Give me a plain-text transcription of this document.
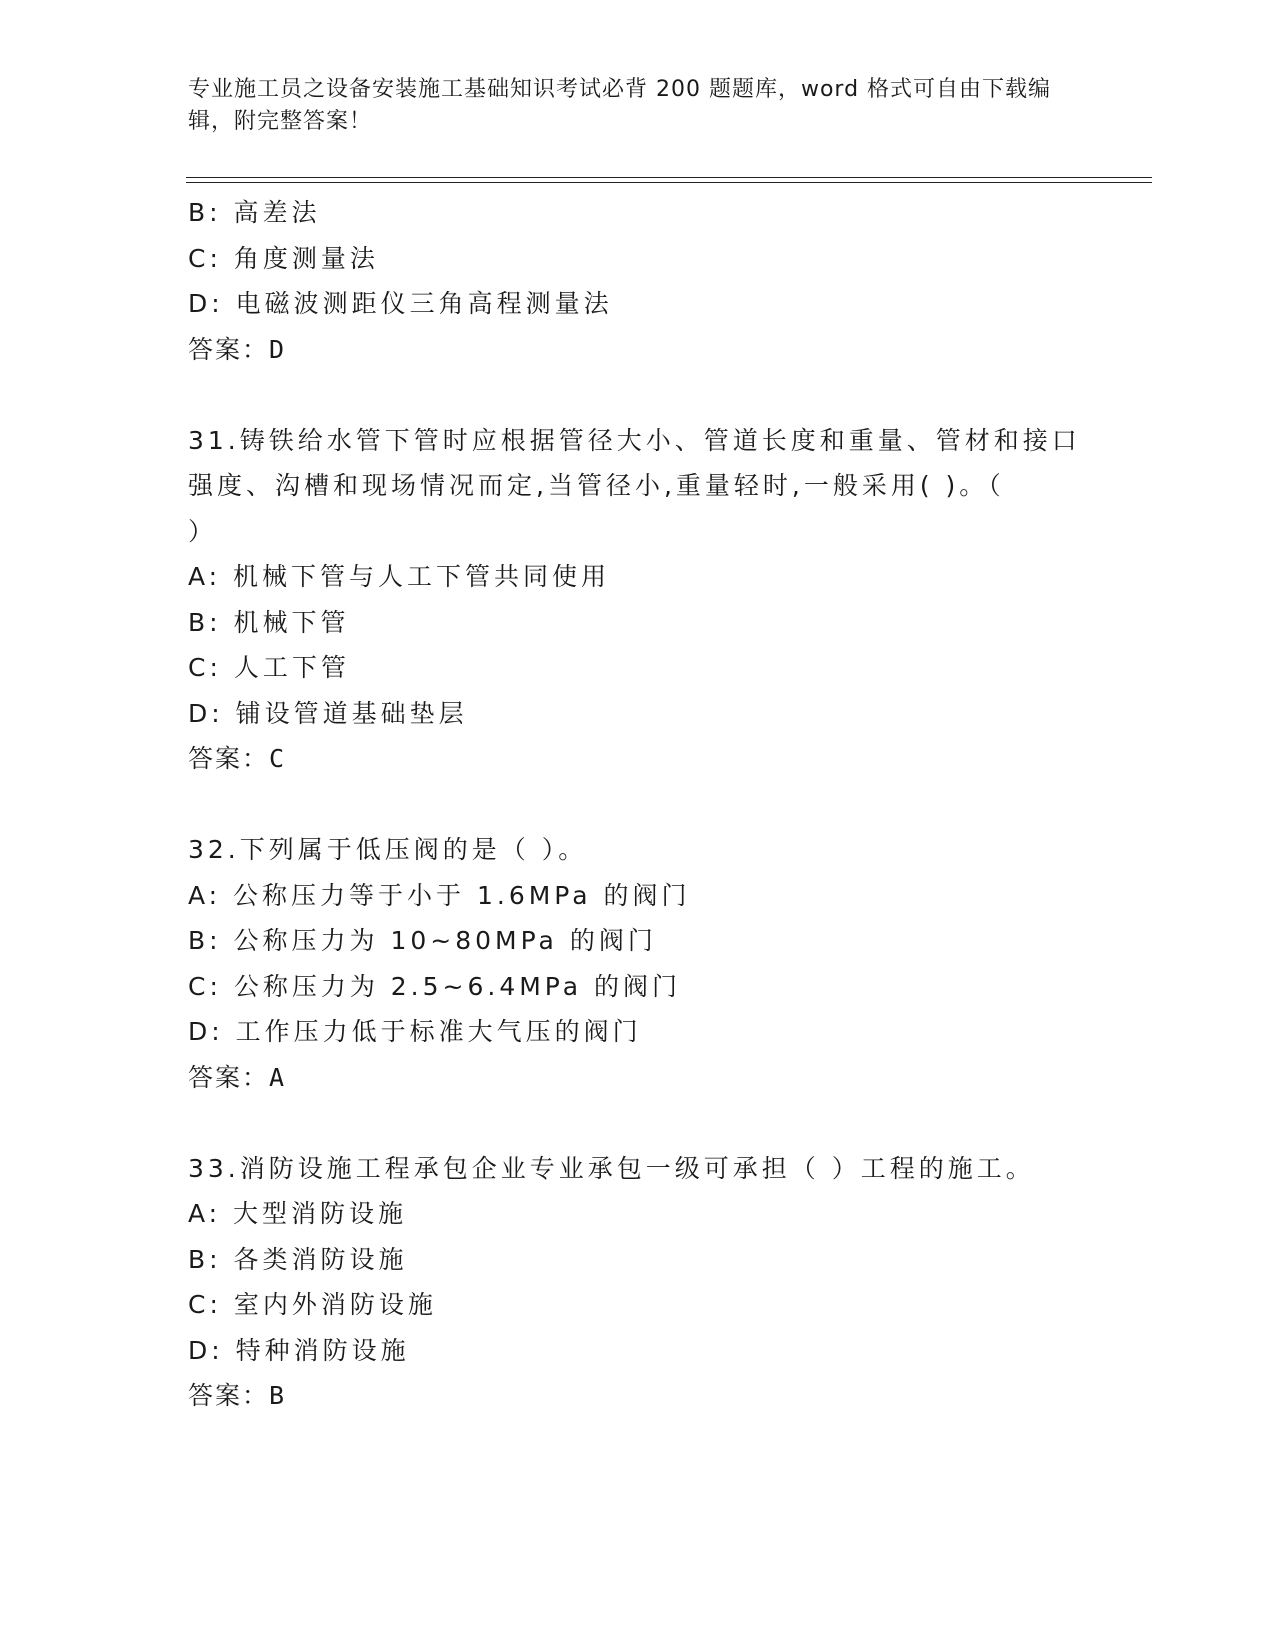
专业施工员之设备安装施工基础知识考试必背 200 题题库，word 格式可自由下载编辑，附完整答案！
B: 高差法
C: 角度测量法
D: 电磁波测距仪三角高程测量法
答案：D
31.铸铁给水管下管时应根据管径大小、管道长度和重量、管材和接口
强度、沟槽和现场情况而定,当管径小,重量轻时,一般采用( )。（
）
A: 机械下管与人工下管共同使用
B: 机械下管
C: 人工下管
D: 铺设管道基础垫层
答案：C
32.下列属于低压阀的是（ ）。
A: 公称压力等于小于 1.6MPa 的阀门
B: 公称压力为 10~80MPa 的阀门
C: 公称压力为 2.5~6.4MPa 的阀门
D: 工作压力低于标准大气压的阀门
答案：A
33.消防设施工程承包企业专业承包一级可承担（ ）工程的施工。
A: 大型消防设施
B: 各类消防设施
C: 室内外消防设施
D: 特种消防设施
答案：B
